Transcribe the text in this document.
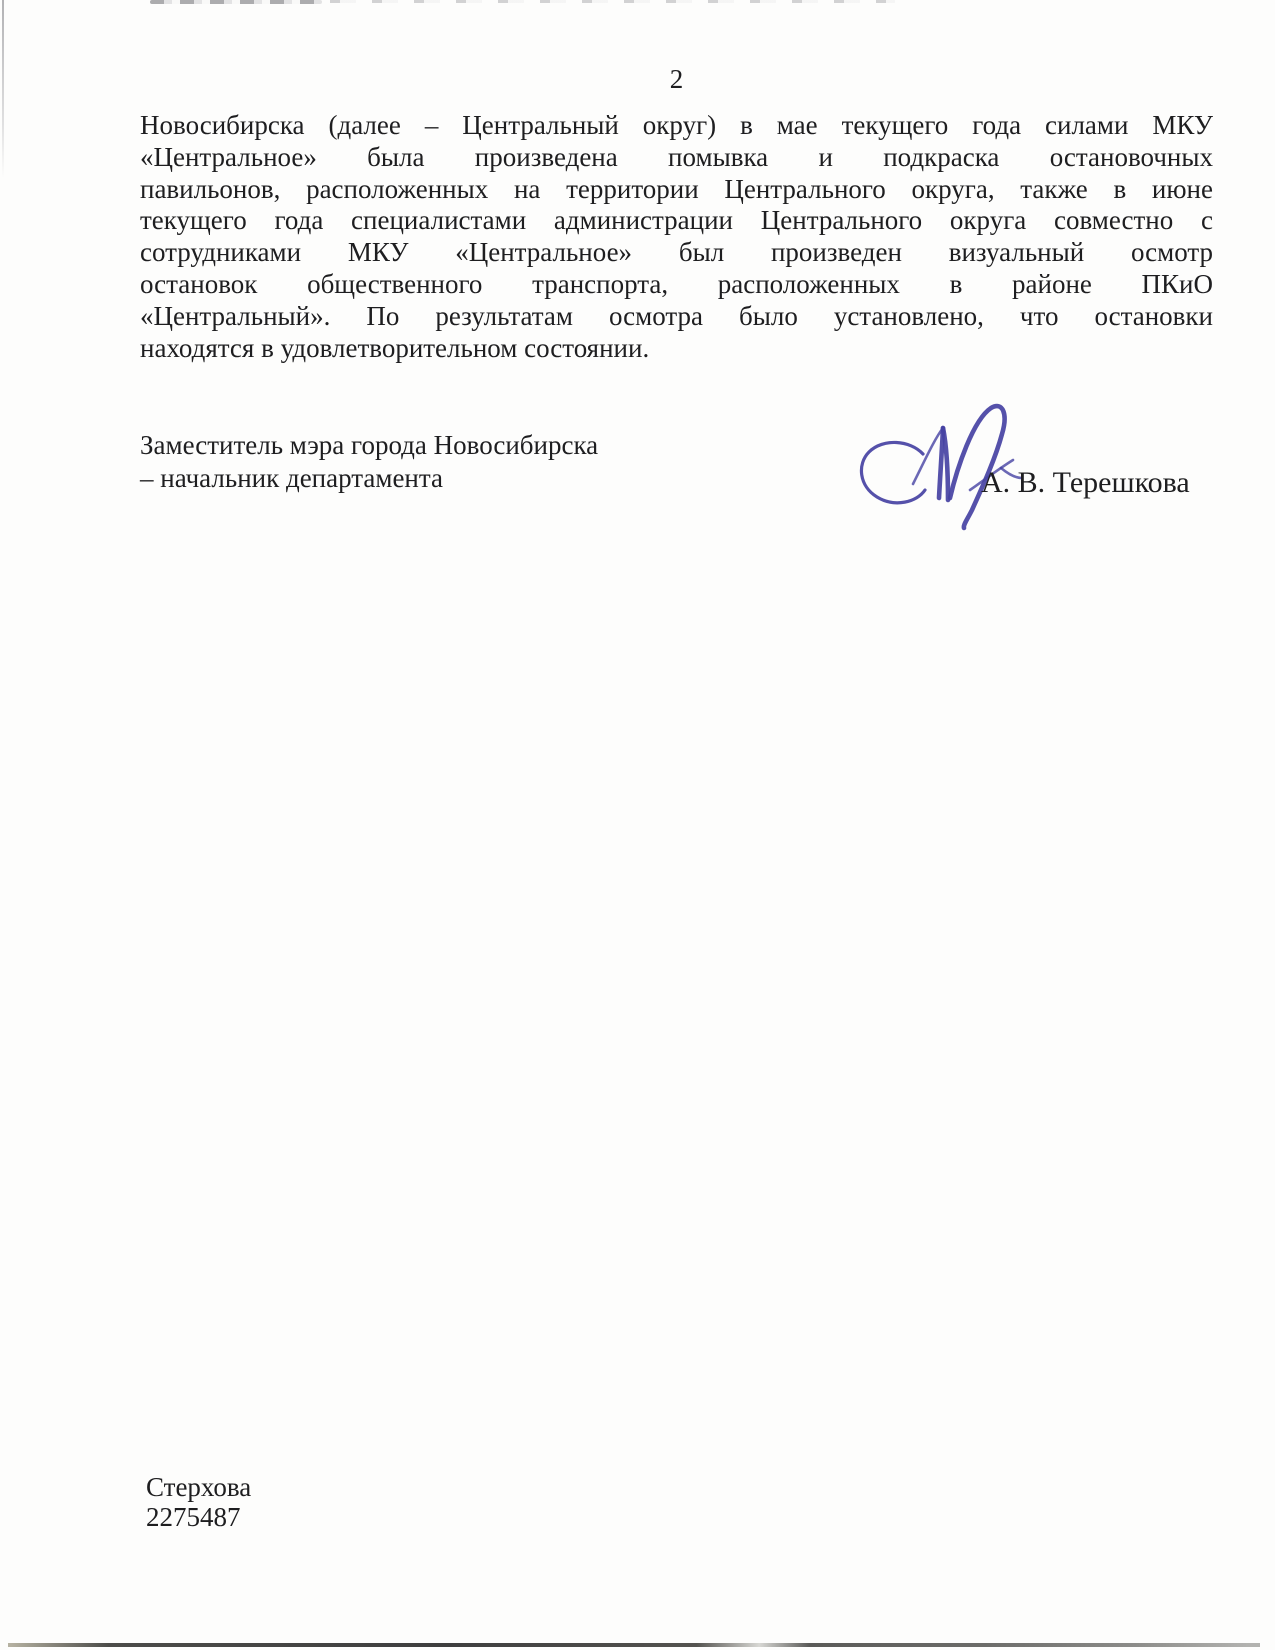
2
Новосибирска (далее – Центральный округ) в мае текущего года силами МКУ
«Центральное» была произведена помывка и подкраска остановочных
павильонов, расположенных на территории Центрального округа, также в июне
текущего года специалистами администрации Центрального округа совместно с
сотрудниками МКУ «Центральное» был произведен визуальный осмотр
остановок общественного транспорта, расположенных в районе ПКиО
«Центральный». По результатам осмотра было установлено, что остановки
находятся в удовлетворительном состоянии.
Заместитель мэра города Новосибирска
– начальник департамента	А. В. Терешкова
Стерхова
2275487
